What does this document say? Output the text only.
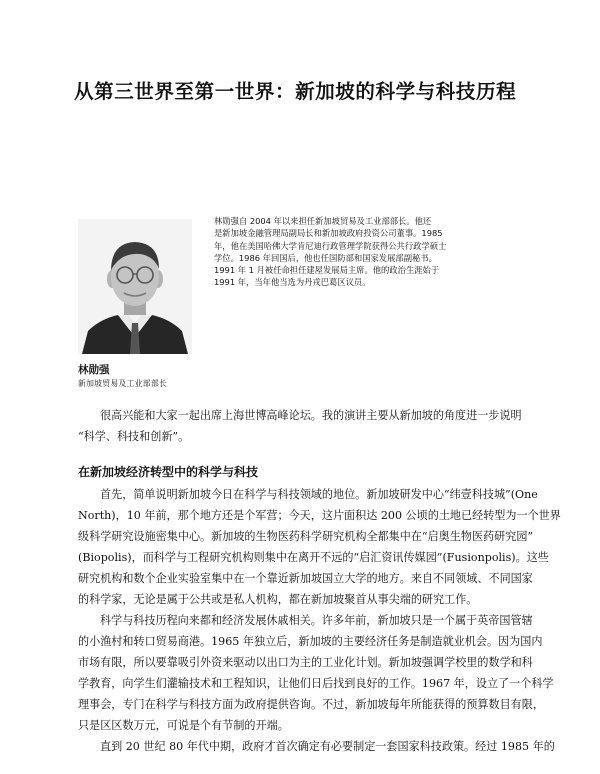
从第三世界至第一世界：新加坡的科学与科技历程
林勋强自 2004 年以来担任新加坡贸易及工业部部长。他还
是新加坡金融管理局副局长和新加坡政府投资公司董事。1985
年，他在美国哈佛大学肯尼迪行政管理学院获得公共行政学硕士
学位。1986 年回国后，他也任国防部和国家发展部副秘书。
1991 年 1 月被任命担任建屋发展局主席。他的政治生涯始于
1991 年，当年他当选为丹戎巴葛区议员。

林勋强

新加坡贸易及工业部部长

很高兴能和大家一起出席上海世博高峰论坛。我的演讲主要从新加坡的角度进一步说明
“科学、科技和创新”。
在新加坡经济转型中的科学与科技
首先，简单说明新加坡今日在科学与科技领域的地位。新加坡研发中心“纬壹科技城”(One
North)，10 年前，那个地方还是个军营；今天，这片面积达 200 公顷的土地已经转型为一个世界
级科学研究设施密集中心。新加坡的生物医药科学研究机构全都集中在“启奥生物医药研究园”
(Biopolis)，而科学与工程研究机构则集中在离开不远的“启汇资讯传媒园”(Fusionpolis)。这些
研究机构和数个企业实验室集中在一个靠近新加坡国立大学的地方。来自不同领域、不同国家
的科学家，无论是属于公共或是私人机构，都在新加坡聚首从事尖端的研究工作。
科学与科技历程向来都和经济发展休戚相关。许多年前，新加坡只是一个属于英帝国管辖
的小渔村和转口贸易商港。1965 年独立后，新加坡的主要经济任务是制造就业机会。因为国内
市场有限，所以要靠吸引外资来驱动以出口为主的工业化计划。新加坡强调学校里的数学和科
学教育，向学生们灌输技术和工程知识，让他们日后找到良好的工作。1967 年，设立了一个科学
理事会，专门在科学与科技方面为政府提供咨询。不过，新加坡每年所能获得的预算数目有限，
只是区区数万元，可说是个有节制的开端。
直到 20 世纪 80 年代中期，政府才首次确定有必要制定一套国家科技政策。经过 1985 年的
